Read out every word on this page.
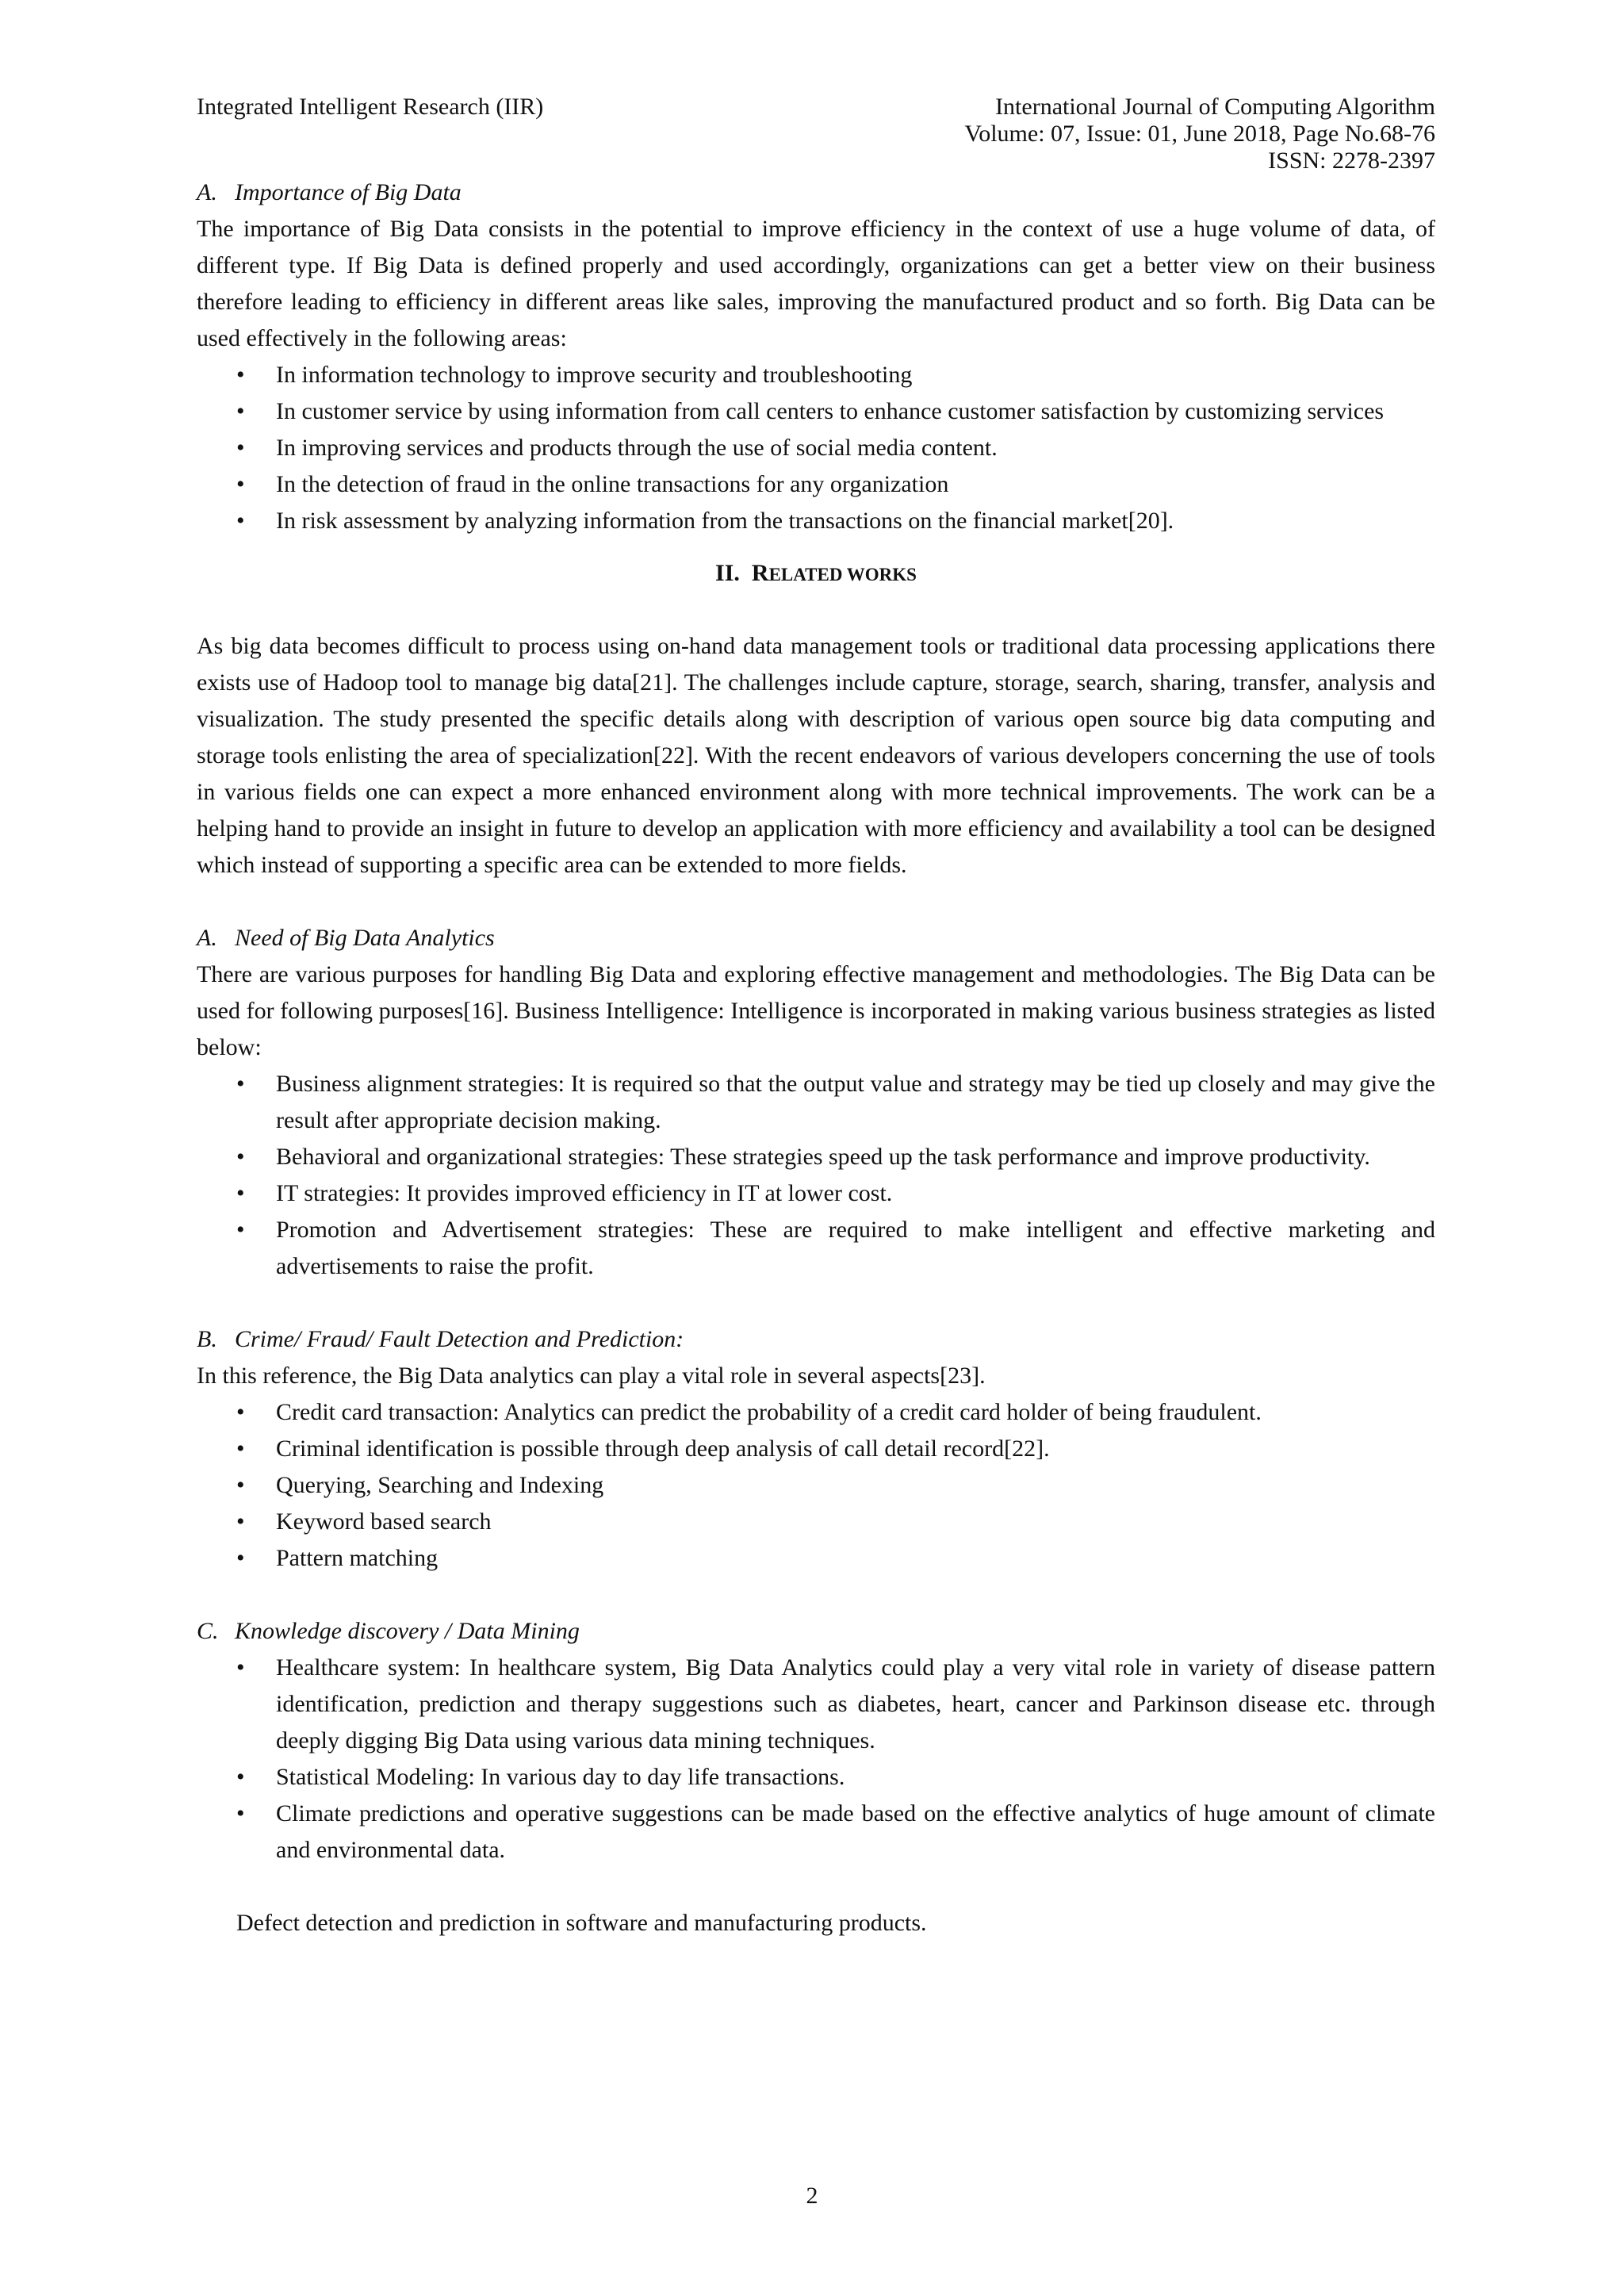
Integrated Intelligent Research (IIR)	International Journal of Computing Algorithm
Volume: 07, Issue: 01, June 2018, Page No.68-76
ISSN: 2278-2397
A. Importance of Big Data

The importance of Big Data consists in the potential to improve efficiency in the context of use a huge volume of data, of different type. If Big Data is defined properly and used accordingly, organizations can get a better view on their business therefore leading to efficiency in different areas like sales, improving the manufactured product and so forth. Big Data can be used effectively in the following areas:

• In information technology to improve security and troubleshooting
• In customer service by using information from call centers to enhance customer satisfaction by customizing services
• In improving services and products through the use of social media content.
• In the detection of fraud in the online transactions for any organization
• In risk assessment by analyzing information from the transactions on the financial market[20].
II. RELATED WORKS

As big data becomes difficult to process using on-hand data management tools or traditional data processing applications there exists use of Hadoop tool to manage big data[21]. The challenges include capture, storage, search, sharing, transfer, analysis and visualization. The study presented the specific details along with description of various open source big data computing and storage tools enlisting the area of specialization[22]. With the recent endeavors of various developers concerning the use of tools in various fields one can expect a more enhanced environment along with more technical improvements. The work can be a helping hand to provide an insight in future to develop an application with more efficiency and availability a tool can be designed which instead of supporting a specific area can be extended to more fields.

A. Need of Big Data Analytics

There are various purposes for handling Big Data and exploring effective management and methodologies. The Big Data can be used for following purposes[16]. Business Intelligence: Intelligence is incorporated in making various business strategies as listed below:

• Business alignment strategies: It is required so that the output value and strategy may be tied up closely and may give the result after appropriate decision making.
• Behavioral and organizational strategies: These strategies speed up the task performance and improve productivity.
• IT strategies: It provides improved efficiency in IT at lower cost.
• Promotion and Advertisement strategies: These are required to make intelligent and effective marketing and advertisements to raise the profit.
B. Crime/ Fraud/ Fault Detection and Prediction:

In this reference, the Big Data analytics can play a vital role in several aspects[23].

• Credit card transaction: Analytics can predict the probability of a credit card holder of being fraudulent.
• Criminal identification is possible through deep analysis of call detail record[22].
• Querying, Searching and Indexing
• Keyword based search
• Pattern matching
C. Knowledge discovery / Data Mining
• Healthcare system: In healthcare system, Big Data Analytics could play a very vital role in variety of disease pattern identification, prediction and therapy suggestions such as diabetes, heart, cancer and Parkinson disease etc. through deeply digging Big Data using various data mining techniques.
• Statistical Modeling: In various day to day life transactions.
• Climate predictions and operative suggestions can be made based on the effective analytics of huge amount of climate and environmental data.

Defect detection and prediction in software and manufacturing products.

2
